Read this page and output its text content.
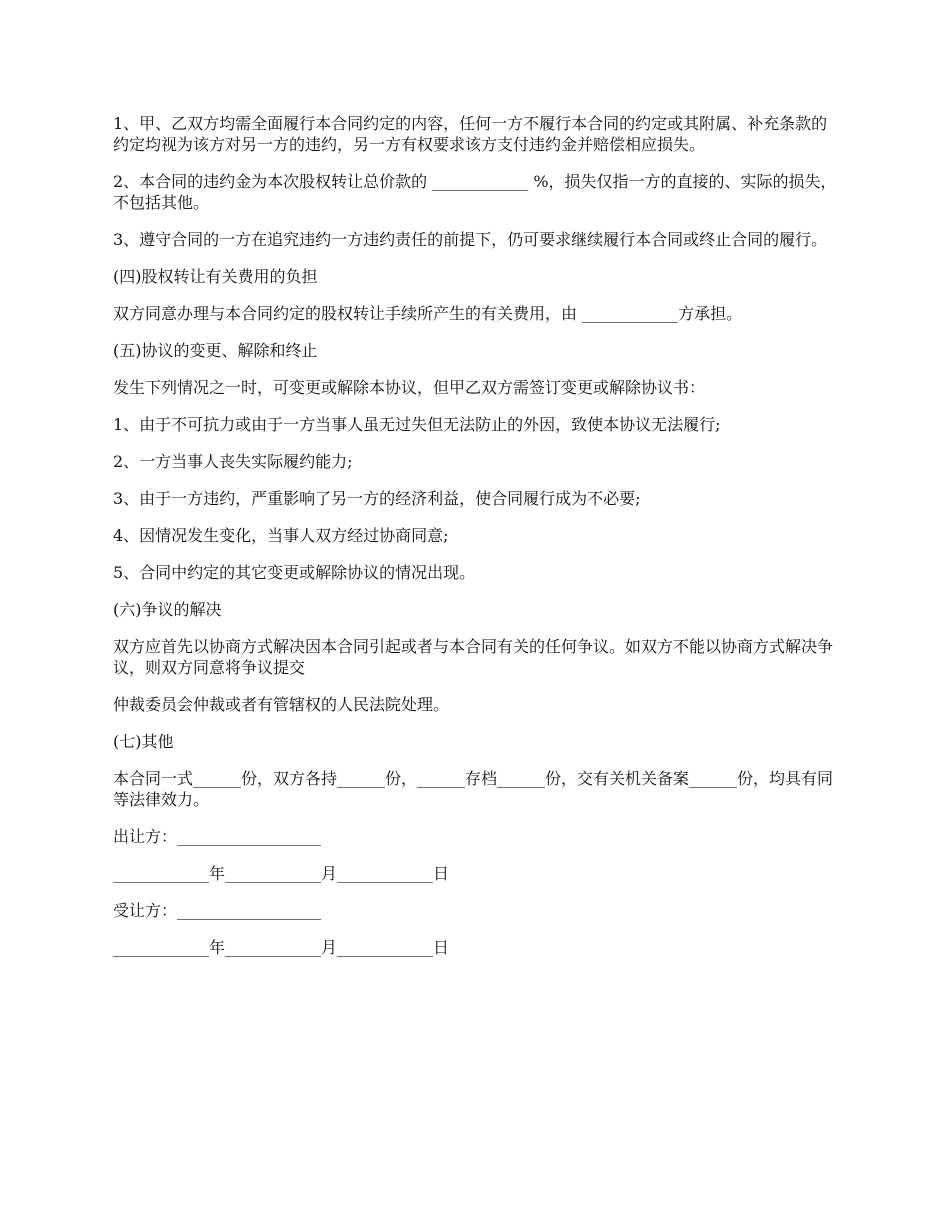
1、甲、乙双方均需全面履行本合同约定的内容，任何一方不履行本合同的约定或其附属、补充条款的约定均视为该方对另一方的违约，另一方有权要求该方支付违约金并赔偿相应损失。

2、本合同的违约金为本次股权转让总价款的 ____________ %，损失仅指一方的直接的、实际的损失，不包括其他。

3、遵守合同的一方在追究违约一方违约责任的前提下，仍可要求继续履行本合同或终止合同的履行。

(四)股权转让有关费用的负担

双方同意办理与本合同约定的股权转让手续所产生的有关费用，由 ____________方承担。

(五)协议的变更、解除和终止

发生下列情况之一时，可变更或解除本协议，但甲乙双方需签订变更或解除协议书：

1、由于不可抗力或由于一方当事人虽无过失但无法防止的外因，致使本协议无法履行;

2、一方当事人丧失实际履约能力;

3、由于一方违约，严重影响了另一方的经济利益，使合同履行成为不必要;

4、因情况发生变化，当事人双方经过协商同意;

5、合同中约定的其它变更或解除协议的情况出现。

(六)争议的解决

双方应首先以协商方式解决因本合同引起或者与本合同有关的任何争议。如双方不能以协商方式解决争议，则双方同意将争议提交

仲裁委员会仲裁或者有管辖权的人民法院处理。

(七)其他

本合同一式______份，双方各持______份，______存档______份，交有关机关备案______份，均具有同等法律效力。

出让方：__________________

____________年____________月____________日

受让方：__________________

____________年____________月____________日
